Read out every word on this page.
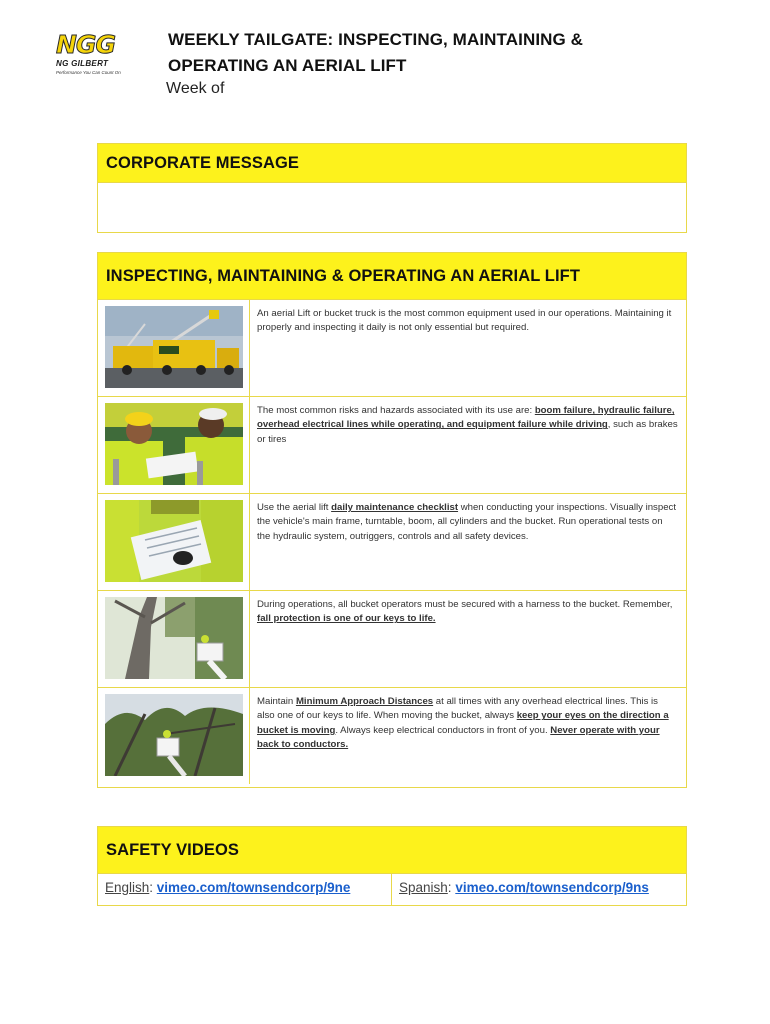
NGG
NG GILBERT
Performance You Can Count On
WEEKLY TAILGATE: INSPECTING, MAINTAINING & OPERATING AN AERIAL LIFT
Week of
CORPORATE MESSAGE
INSPECTING, MAINTAINING & OPERATING AN AERIAL LIFT
An aerial Lift or bucket truck is the most common equipment used in our operations. Maintaining it properly and inspecting it daily is not only essential but required.
The most common risks and hazards associated with its use are: boom failure, hydraulic failure, overhead electrical lines while operating, and equipment failure while driving, such as brakes or tires
Use the aerial lift daily maintenance checklist when conducting your inspections. Visually inspect the vehicle's main frame, turntable, boom, all cylinders and the bucket. Run operational tests on the hydraulic system, outriggers, controls and all safety devices.
During operations, all bucket operators must be secured with a harness to the bucket. Remember, fall protection is one of our keys to life.
Maintain Minimum Approach Distances at all times with any overhead electrical lines. This is also one of our keys to life. When moving the bucket, always keep your eyes on the direction a bucket is moving. Always keep electrical conductors in front of you. Never operate with your back to conductors.
SAFETY VIDEOS
English: vimeo.com/townsendcorp/9ne	Spanish: vimeo.com/townsendcorp/9ns
